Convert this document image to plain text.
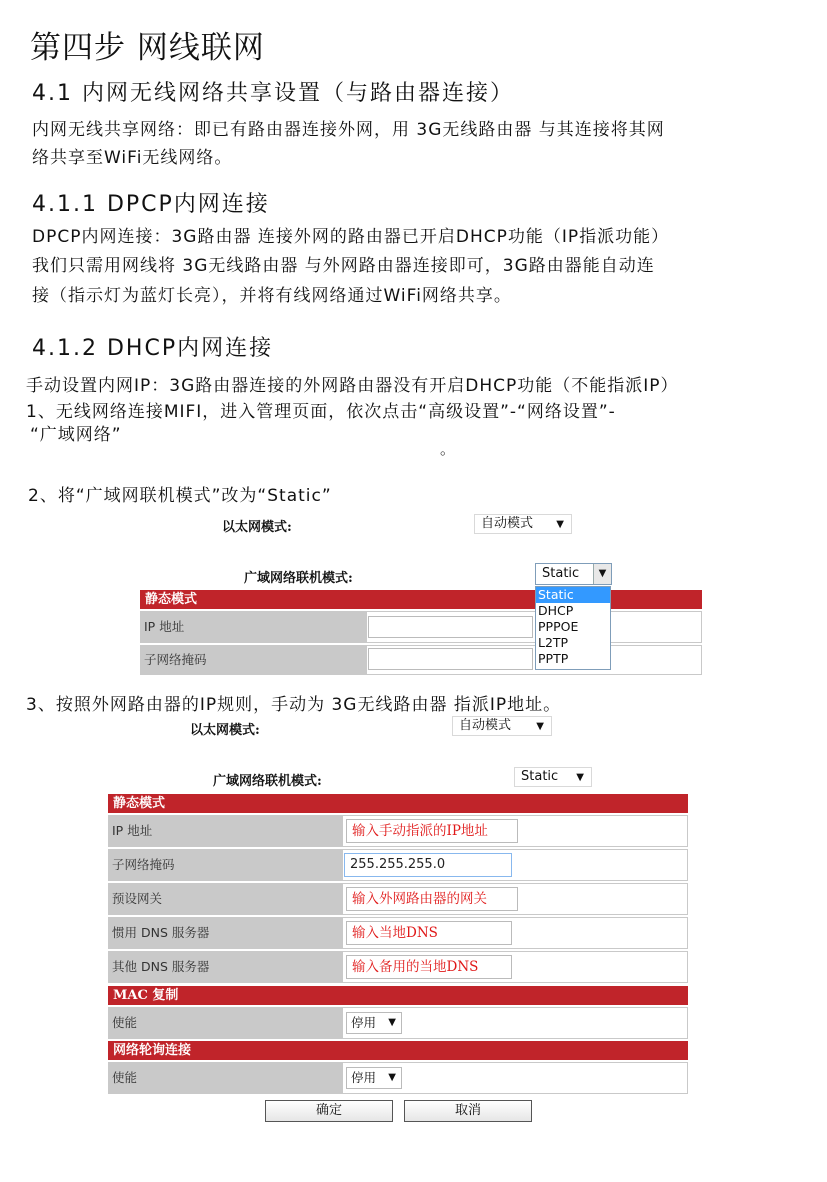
第四步 网线联网
4.1 内网无线网络共享设置（与路由器连接）
内网无线共享网络：即已有路由器连接外网，用 3G无线路由器 与其连接将其网
络共享至WiFi无线网络。
4.1.1 DPCP内网连接
DPCP内网连接：3G路由器 连接外网的路由器已开启DHCP功能（IP指派功能）
我们只需用网线将 3G无线路由器 与外网路由器连接即可，3G路由器能自动连
接（指示灯为蓝灯长亮），并将有线网络通过WiFi网络共享。
4.1.2 DHCP内网连接
手动设置内网IP：3G路由器连接的外网路由器没有开启DHCP功能（不能指派IP）
1、无线网络连接MIFI，进入管理页面，依次点击“高级设置”-“网络设置”-
“广域网络”
。
2、将“广域网联机模式”改为“Static”
以太网模式:	自动模式 ▼
广域网络联机模式:	Static	▼
静态模式
IP 地址
子网络掩码
Static
DHCP
PPPOE
L2TP
PPTP
3、按照外网路由器的IP规则，手动为 3G无线路由器 指派IP地址。
以太网模式:	自动模式	▼
广域网络联机模式:	Static ▼
静态模式
IP 地址	输入手动指派的IP地址
子网络掩码	255.255.255.0
预设网关	输入外网路由器的网关
惯用 DNS 服务器	输入当地DNS
其他 DNS 服务器	输入备用的当地DNS
MAC 复制
使能	停用 ▼
网络轮询连接
使能	停用 ▼
确定	取消
